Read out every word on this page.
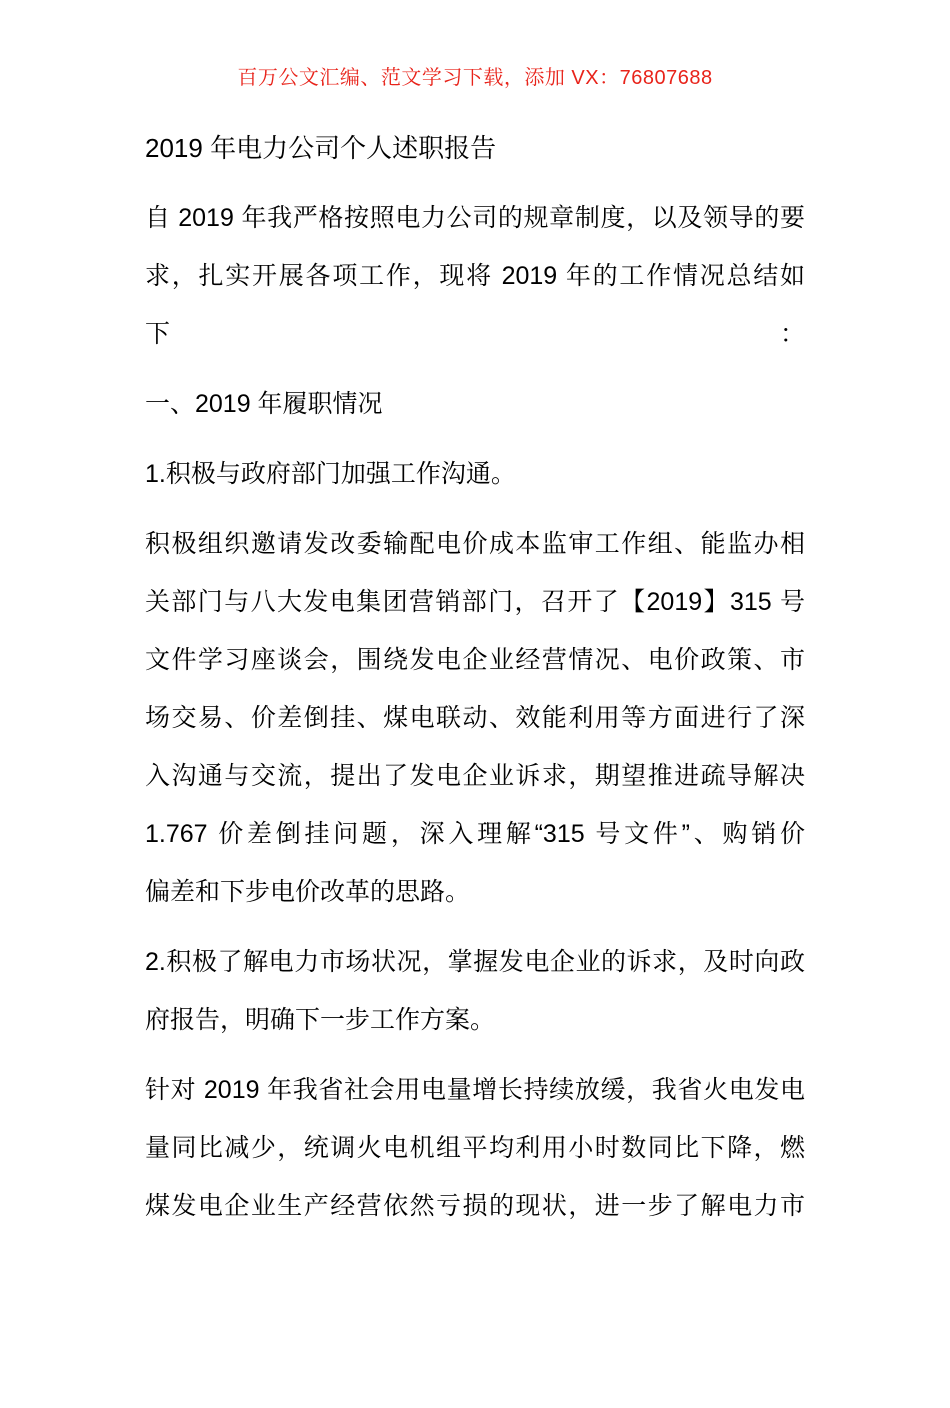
百万公文汇编、范文学习下载，添加 VX：76807688
2019 年电力公司个人述职报告
自 2019 年我严格按照电力公司的规章制度，以及领导的要
求，扎实开展各项工作，现将 2019 年的工作情况总结如下：
一、2019 年履职情况
1.积极与政府部门加强工作沟通。
积极组织邀请发改委输配电价成本监审工作组、能监办相
关部门与八大发电集团营销部门，召开了【2019】315 号
文件学习座谈会，围绕发电企业经营情况、电价政策、市
场交易、价差倒挂、煤电联动、效能利用等方面进行了深
入沟通与交流，提出了发电企业诉求，期望推进疏导解决
1.767 价差倒挂问题，深入理解“315 号文件”、购销价
偏差和下步电价改革的思路。
2.积极了解电力市场状况，掌握发电企业的诉求，及时向政
府报告，明确下一步工作方案。
针对 2019 年我省社会用电量增长持续放缓，我省火电发电
量同比减少，统调火电机组平均利用小时数同比下降，燃
煤发电企业生产经营依然亏损的现状，进一步了解电力市
